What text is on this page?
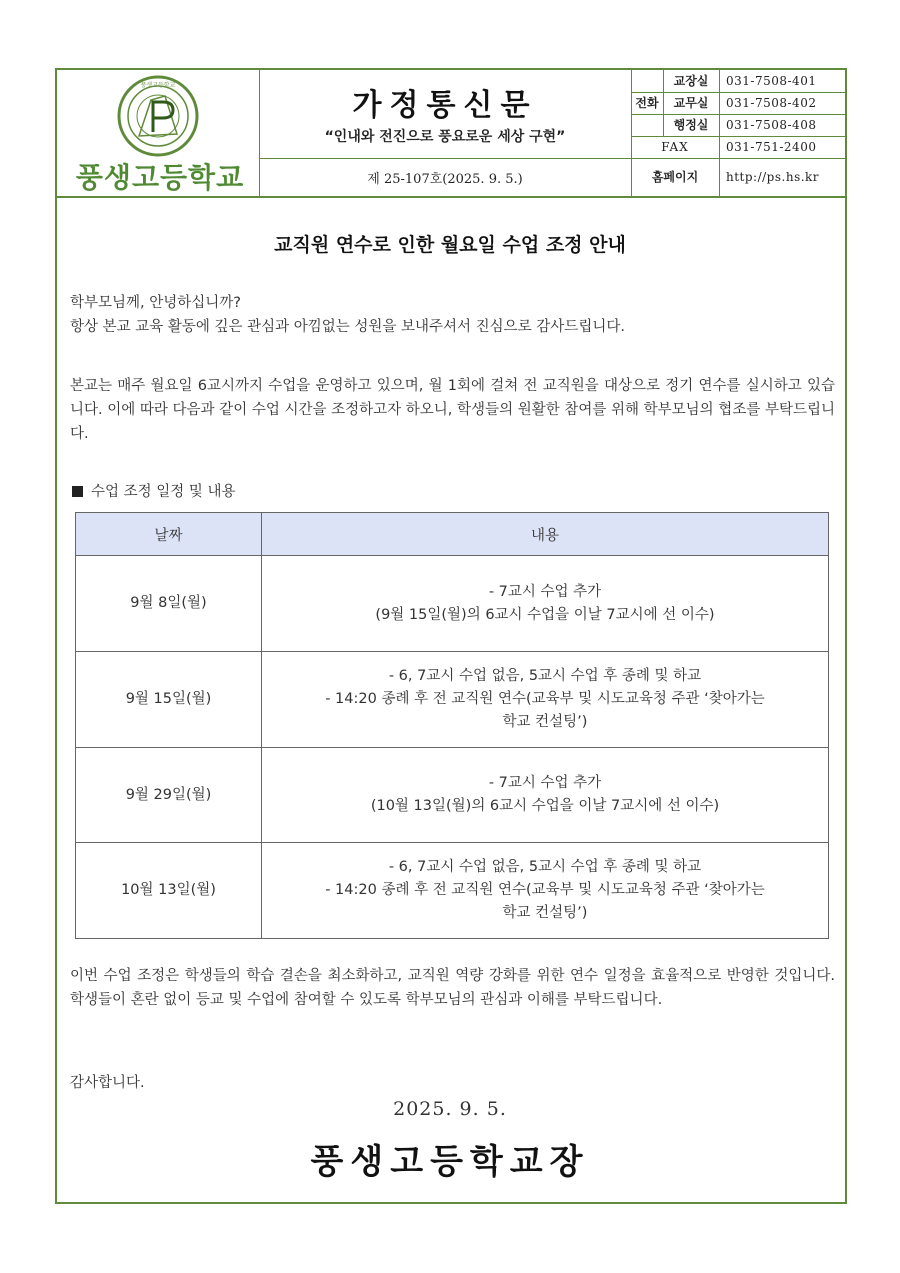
풍생고등학교
풍생고등학교
가정통신문
“인내와 전진으로 풍요로운 세상 구현”
제 25-107호(2025. 9. 5.)
전화
교장실	031-7508-401
교무실	031-7508-402
행정실	031-7508-408
FAX	031-751-2400
홈페이지	http://ps.hs.kr
교직원 연수로 인한 월요일 수업 조정 안내
학부모님께, 안녕하십니까?
항상 본교 교육 활동에 깊은 관심과 아낌없는 성원을 보내주셔서 진심으로 감사드립니다.
본교는 매주 월요일 6교시까지 수업을 운영하고 있으며, 월 1회에 걸쳐 전 교직원을 대상으로 정기 연수를 실시하고 있습니다. 이에 따라 다음과 같이 수업 시간을 조정하고자 하오니, 학생들의 원활한 참여를 위해 학부모님의 협조를 부탁드립니다.
수업 조정 일정 및 내용
날짜	내용
9월 8일(월)	- 7교시 수업 추가
(9월 15일(월)의 6교시 수업을 이날 7교시에 선 이수)

9월 15일(월)	- 6, 7교시 수업 없음, 5교시 수업 후 종례 및 하교
- 14:20 종례 후 전 교직원 연수(교육부 및 시도교육청 주관 ‘찾아가는
학교 컨설팅’)

9월 29일(월)	- 7교시 수업 추가
(10월 13일(월)의 6교시 수업을 이날 7교시에 선 이수)

10월 13일(월)	- 6, 7교시 수업 없음, 5교시 수업 후 종례 및 하교
- 14:20 종례 후 전 교직원 연수(교육부 및 시도교육청 주관 ‘찾아가는
학교 컨설팅’)
이번 수업 조정은 학생들의 학습 결손을 최소화하고, 교직원 역량 강화를 위한 연수 일정을 효율적으로 반영한 것입니다. 학생들이 혼란 없이 등교 및 수업에 참여할 수 있도록 학부모님의 관심과 이해를 부탁드립니다.
감사합니다.
2025. 9. 5.
풍생고등학교장
